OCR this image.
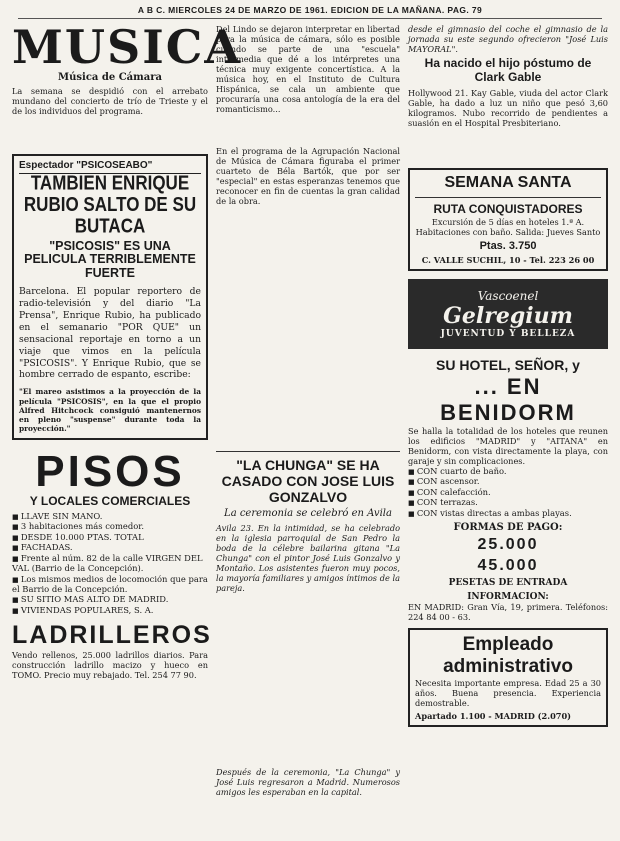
A B C. MIERCOLES 24 DE MARZO DE 1961. EDICION DE LA MAÑANA. PAG. 79
MUSICA
Música de Cámara
La semana se despidió con el arrebato mundano del concierto de trío de Trieste y el de los individuos del programa.
Espectador "PSICOSEABO"
TAMBIEN ENRIQUE RUBIO SALTO DE SU BUTACA
"PSICOSIS" ES UNA PELICULA TERRIBLEMENTE FUERTE
Barcelona. El popular reportero de radio-televisión y del diario "La Prensa", Enrique Rubio, ha publicado en el semanario "POR QUE" un sensacional reportaje en torno a un viaje que vimos en la película "PSICOSIS". Y Enrique Rubio, que se hombre cerrado de espanto, escribe:
"El mareo asistimos a la proyección de la película "PSICOSIS", en la que el propio Alfred Hitchcock consiguió mantenernos en pleno "suspense" durante toda la proyección."
PISOS
Y LOCALES COMERCIALES
■ LLAVE SIN MANO.
■ 3 habitaciones más comedor.
■ DESDE 10.000 PTAS. TOTAL
■ FACHADAS.
■ Frente al núm. 82 de la calle VIRGEN DEL VAL (Barrio de la Concepción).
■ Los mismos medios de locomoción que para el Barrio de la Concepción.
■ SU SITIO MAS ALTO DE MADRID.
■ VIVIENDAS POPULARES, S. A.
LADRILLEROS
Vendo rellenos, 25.000 ladrillos diarios. Para construcción ladrillo macizo y hueco en TOMO. Precio muy rebajado. Tel. 254 77 90.
Del Lindo se dejaron interpretar en libertad para la música de cámara, sólo es posible cuando se parte de una "escuela" intermedia que dé a los intérpretes una técnica muy exigente concertística. A la música hoy, en el Instituto de Cultura Hispánica, se cala un ambiente que procuraría una cosa antología de la era del romanticismo...
En el programa de la Agrupación Nacional de Música de Cámara figuraba el primer cuarteto de Béla Bartók, que por ser "especial" en estas esperanzas tenemos que reconocer en fin de cuentas la gran calidad de la obra.
"LA CHUNGA" SE HA CASADO CON JOSE LUIS GONZALVO
La ceremonia se celebró en Avila
Avila 23. En la intimidad, se ha celebrado en la iglesia parroquial de San Pedro la boda de la célebre bailarina gitana "La Chunga" con el pintor José Luis Gonzalvo y Montaño. Los asistentes fueron muy pocos, la mayoría familiares y amigos íntimos de la pareja.
Después de la ceremonia, "La Chunga" y José Luis regresaron a Madrid. Numerosos amigos les esperaban en la capital.
desde el gimnasio del coche el gimnasio de la jornada su este segundo ofrecieron "José Luis MAYORAL".
Ha nacido el hijo póstumo de Clark Gable
Hollywood 21. Kay Gable, viuda del actor Clark Gable, ha dado a luz un niño que pesó 3,60 kilogramos. Nubo recorrido de pendientes a suasión en el Hospital Presbiteriano.
SEMANA SANTA
RUTA CONQUISTADORES
Excursión de 5 días en hoteles 1.ª A. Habitaciones con baño. Salida: Jueves Santo
Ptas. 3.750
C. VALLE SUCHIL, 10 - Tel. 223 26 00
Vascoenel
Gelregium
JUVENTUD Y BELLEZA
SU HOTEL, SEÑOR, y
... EN BENIDORM
Se halla la totalidad de los hoteles que reunen los edificios "MADRID" y "AITANA" en Benidorm, con vista directamente la playa, con garaje y sin complicaciones.
■ CON cuarto de baño.
■ CON ascensor.
■ CON calefacción.
■ CON terrazas.
■ CON vistas directas a ambas playas.
FORMAS DE PAGO:
25.000
45.000
PESETAS DE ENTRADA
INFORMACION:
EN MADRID: Gran Vía, 19, primera. Teléfonos: 224 84 00 - 63.
Empleado administrativo
Necesita importante empresa. Edad 25 a 30 años. Buena presencia. Experiencia demostrable.
Apartado 1.100 - MADRID (2.070)
